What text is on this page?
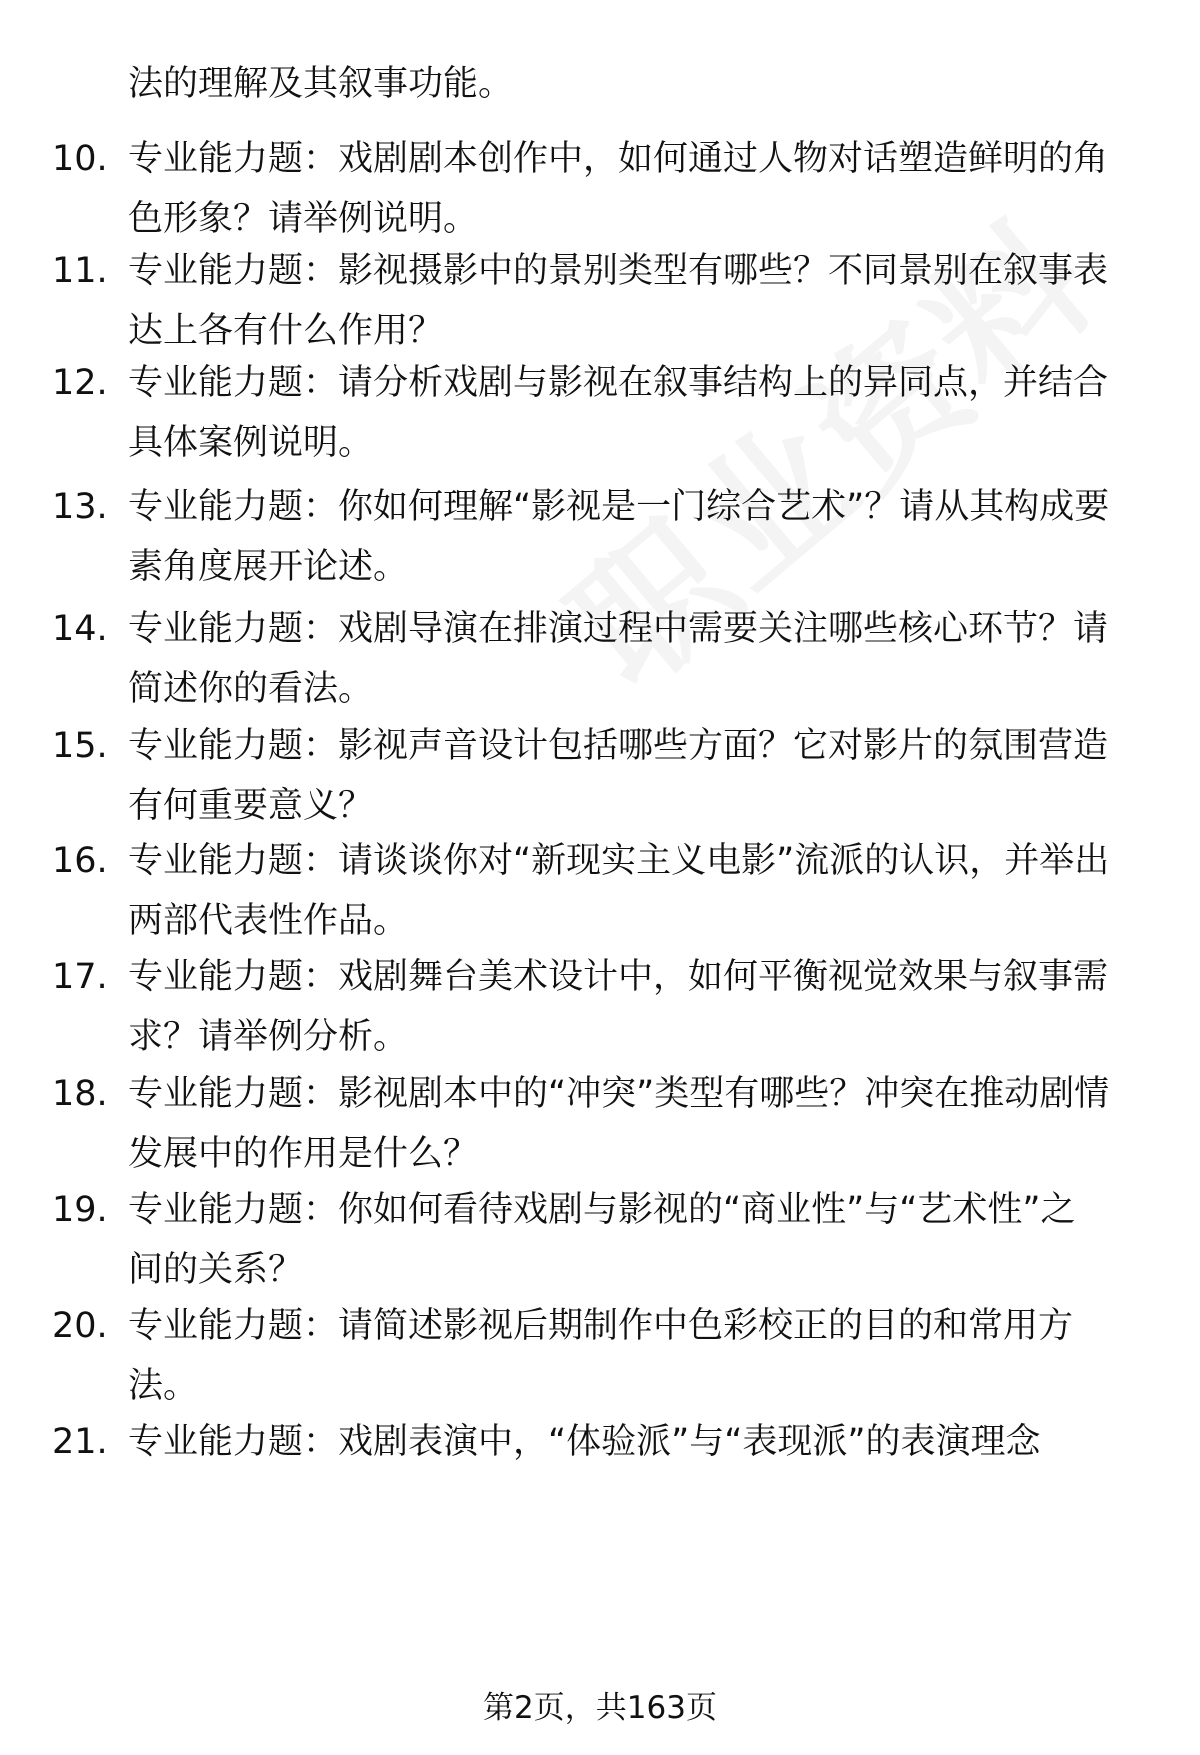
法的理解及其叙事功能。
10. 专业能力题：戏剧剧本创作中，如何通过人物对话塑造鲜明的角色形象？请举例说明。
11. 专业能力题：影视摄影中的景别类型有哪些？不同景别在叙事表达上各有什么作用？
12. 专业能力题：请分析戏剧与影视在叙事结构上的异同点，并结合具体案例说明。
13. 专业能力题：你如何理解“影视是一门综合艺术”？请从其构成要素角度展开论述。
14. 专业能力题：戏剧导演在排演过程中需要关注哪些核心环节？请简述你的看法。
15. 专业能力题：影视声音设计包括哪些方面？它对影片的氛围营造有何重要意义？
16. 专业能力题：请谈谈你对“新现实主义电影”流派的认识，并举出两部代表性作品。
17. 专业能力题：戏剧舞台美术设计中，如何平衡视觉效果与叙事需求？请举例分析。
18. 专业能力题：影视剧本中的“冲突”类型有哪些？冲突在推动剧情发展中的作用是什么？
19. 专业能力题：你如何看待戏剧与影视的“商业性”与“艺术性”之间的关系？
20. 专业能力题：请简述影视后期制作中色彩校正的目的和常用方法。
21. 专业能力题：戏剧表演中，“体验派”与“表现派”的表演理念
第2页，共163页
